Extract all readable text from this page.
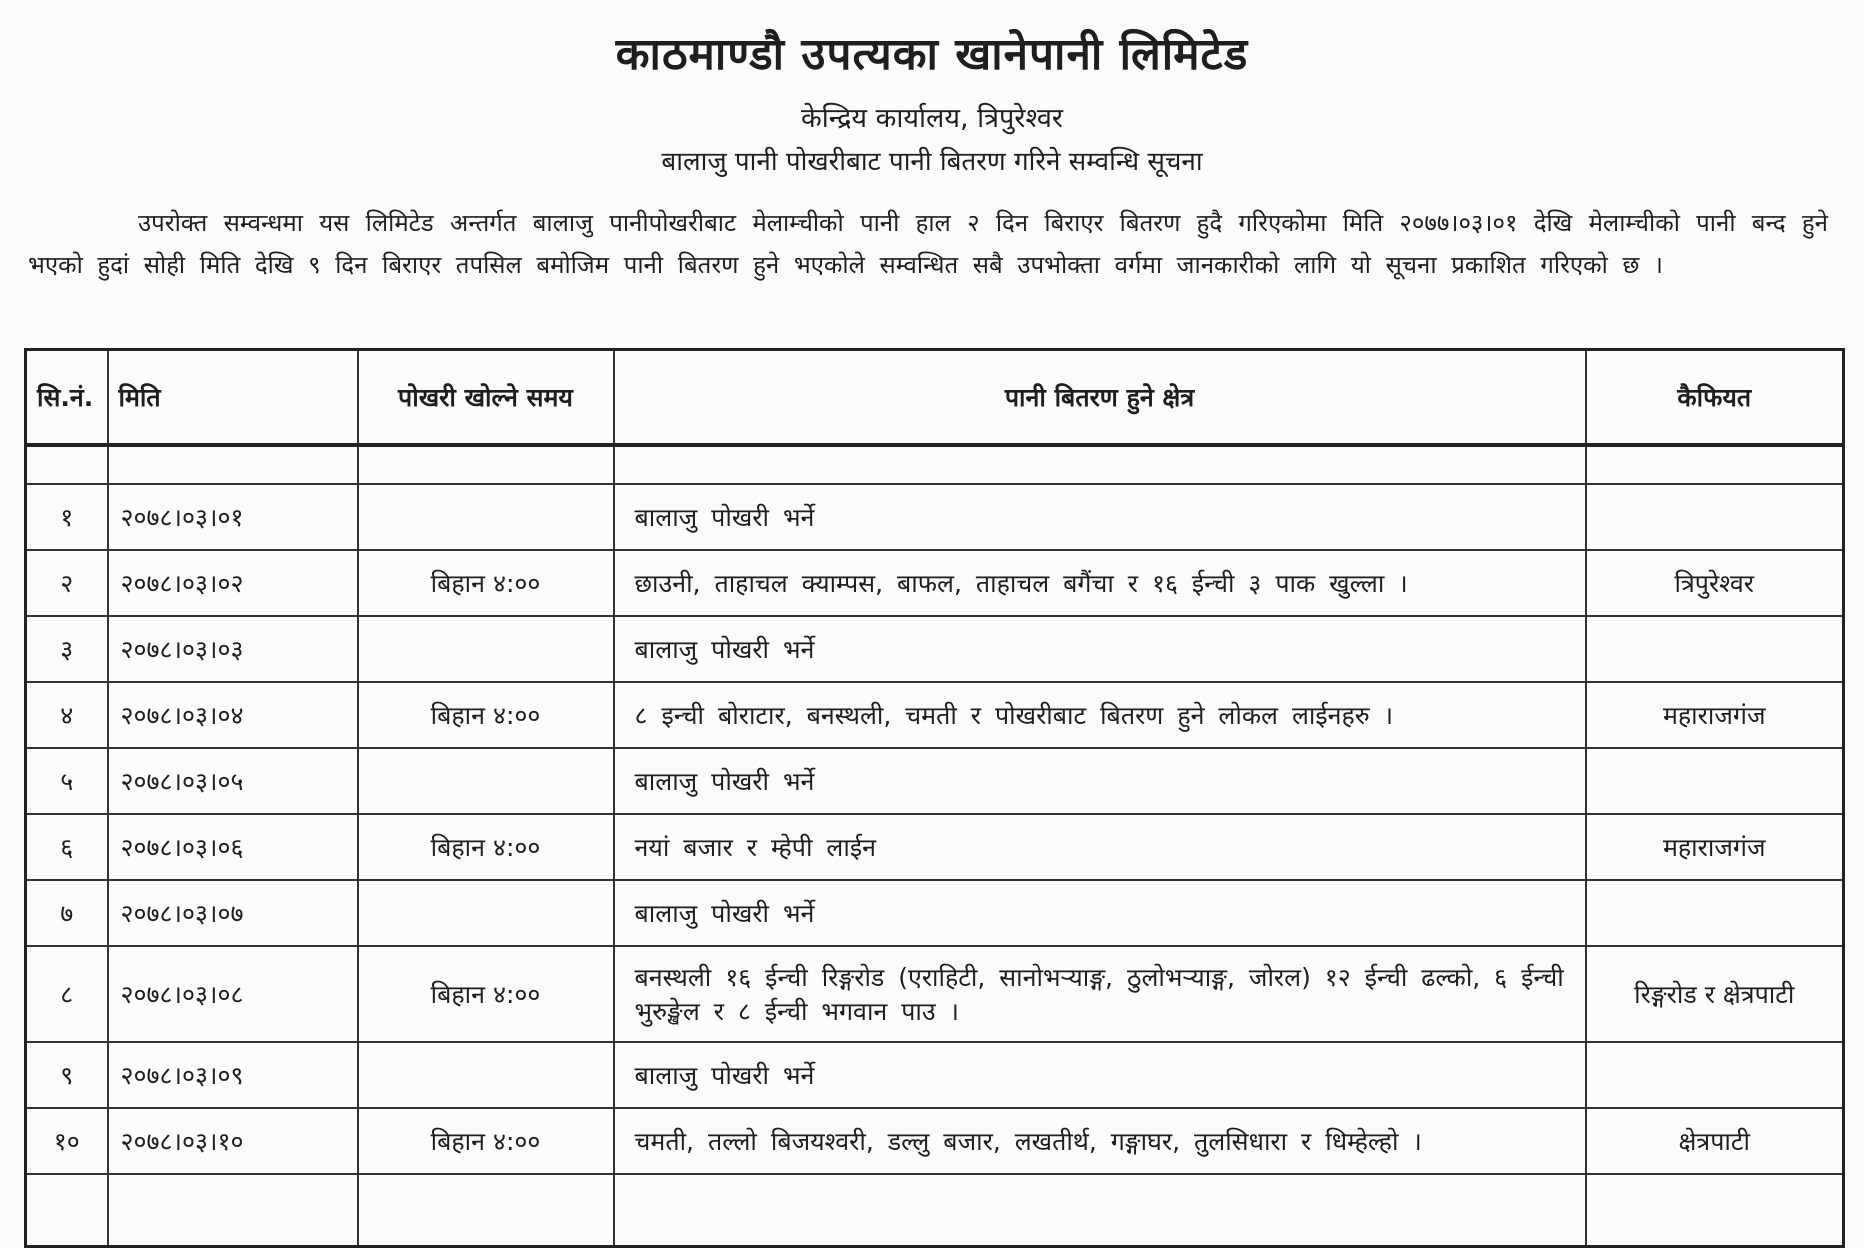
काठमाण्डौ उपत्यका खानेपानी लिमिटेड
केन्द्रिय कार्यालय, त्रिपुरेश्वर
बालाजु पानी पोखरीबाट पानी बितरण गरिने सम्वन्धि सूचना
उपरोक्त सम्वन्धमा यस लिमिटेड अन्तर्गत बालाजु पानीपोखरीबाट मेलाम्चीको पानी हाल २ दिन बिराएर बितरण हुदै गरिएकोमा मिति २०७७।०३।०१ देखि मेलाम्चीको पानी बन्द हुने भएको हुदां सोही मिति देखि ९ दिन बिराएर तपसिल बमोजिम पानी बितरण हुने भएकोले सम्वन्धित सबै उपभोक्ता वर्गमा जानकारीको लागि यो सूचना प्रकाशित गरिएको छ ।
सि.नं.	मिति	पोखरी खोल्ने समय	पानी बितरण हुने क्षेत्र	कैफियत

१	२०७८।०३।०१		बालाजु पोखरी भर्ने	
२	२०७८।०३।०२	बिहान ४:००	छाउनी, ताहाचल क्याम्पस, बाफल, ताहाचल बगैंचा र १६ ईन्ची ३ पाक खुल्ला ।	त्रिपुरेश्वर
३	२०७८।०३।०३		बालाजु पोखरी भर्ने	
४	२०७८।०३।०४	बिहान ४:००	८ इन्ची बोराटार, बनस्थली, चमती र पोखरीबाट बितरण हुने लोकल लाईनहरु ।	महाराजगंज
५	२०७८।०३।०५		बालाजु पोखरी भर्ने	
६	२०७८।०३।०६	बिहान ४:००	नयां बजार र म्हेपी लाईन	महाराजगंज
७	२०७८।०३।०७		बालाजु पोखरी भर्ने	
८	२०७८।०३।०८	बिहान ४:००	बनस्थली १६ ईन्ची रिङ्गरोड (एराहिटी, सानोभऱ्याङ्ग, ठुलोभऱ्याङ्ग, जोरल) १२ ईन्ची ढल्को, ६ ईन्ची भुरुङ्खेल र ८ ईन्ची भगवान पाउ ।	रिङ्गरोड र क्षेत्रपाटी
९	२०७८।०३।०९		बालाजु पोखरी भर्ने	
१०	२०७८।०३।१०	बिहान ४:००	चमती, तल्लो बिजयश्वरी, डल्लु बजार, लखतीर्थ, गङ्गाघर, तुलसिधारा र धिम्हेल्हो ।	क्षेत्रपाटी
